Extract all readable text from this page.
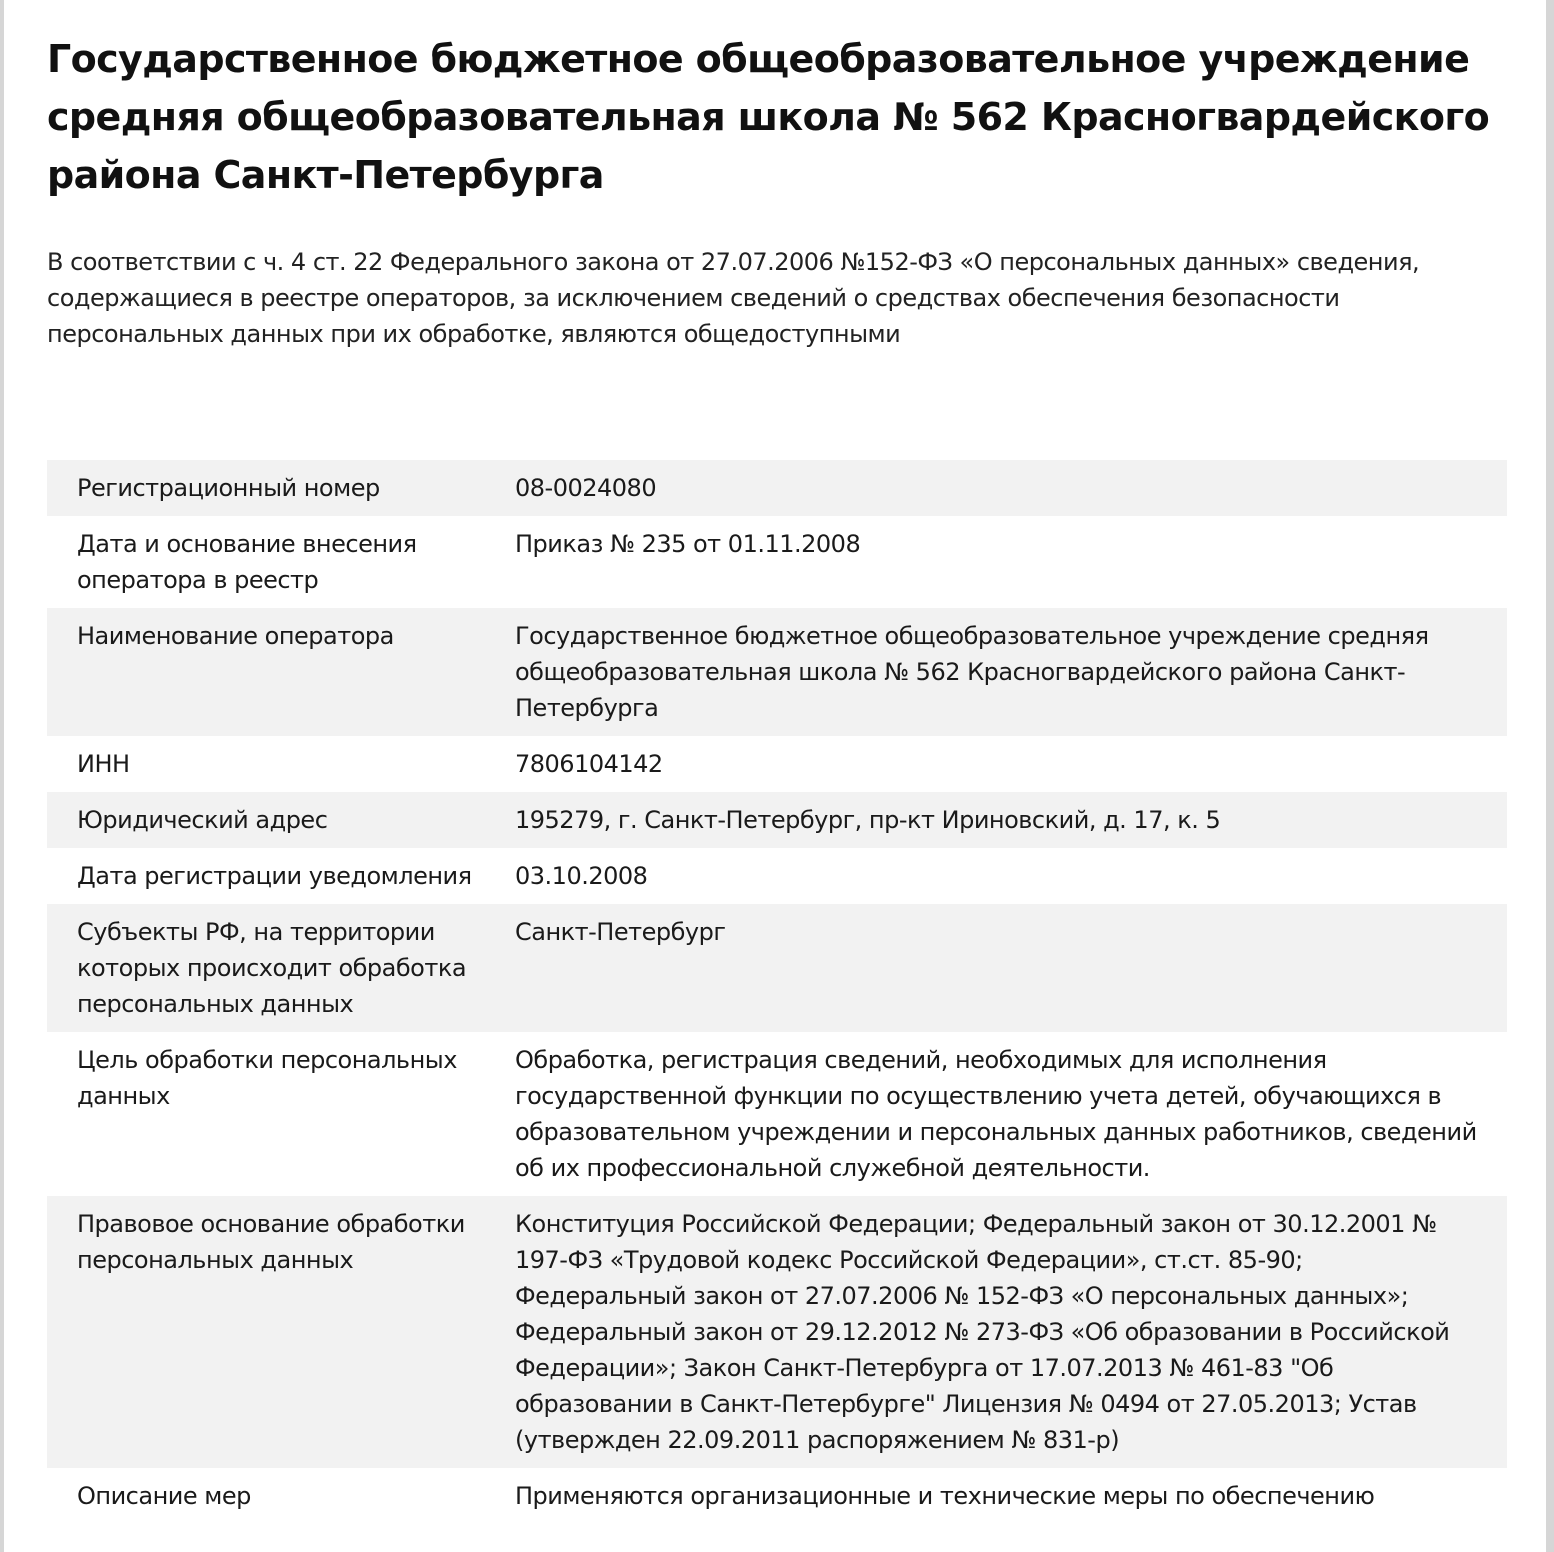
Государственное бюджетное общеобразовательное учреждение средняя общеобразовательная школа № 562 Красногвардейского района Санкт-Петербурга

В соответствии с ч. 4 ст. 22 Федерального закона от 27.07.2006 №152-ФЗ «О персональных данных» сведения, содержащиеся в реестре операторов, за исключением сведений о средствах обеспечения безопасности персональных данных при их обработке, являются общедоступными

Регистрационный номер	08-0024080
Дата и основание внесения оператора в реестр	Приказ № 235 от 01.11.2008
Наименование оператора	Государственное бюджетное общеобразовательное учреждение средняя общеобразовательная школа № 562 Красногвардейского района Санкт-Петербурга
ИНН	7806104142
Юридический адрес	195279, г. Санкт-Петербург, пр-кт Ириновский, д. 17, к. 5
Дата регистрации уведомления	03.10.2008
Субъекты РФ, на территории которых происходит обработка персональных данных	Санкт-Петербург
Цель обработки персональных данных	Обработка, регистрация сведений, необходимых для исполнения государственной функции по осуществлению учета детей, обучающихся в образовательном учреждении и персональных данных работников, сведений об их профессиональной служебной деятельности.
Правовое основание обработки персональных данных	Конституция Российской Федерации; Федеральный закон от 30.12.2001 № 197-ФЗ «Трудовой кодекс Российской Федерации», ст.ст. 85-90; Федеральный закон от 27.07.2006 № 152-ФЗ «О персональных данных»; Федеральный закон от 29.12.2012 № 273-ФЗ «Об образовании в Российской Федерации»; Закон Санкт-Петербурга от 17.07.2013 № 461-83 "Об образовании в Санкт-Петербурге" Лицензия № 0494 от 27.05.2013; Устав (утвержден 22.09.2011 распоряжением № 831-р)
Описание мер	Применяются организационные и технические меры по обеспечению
